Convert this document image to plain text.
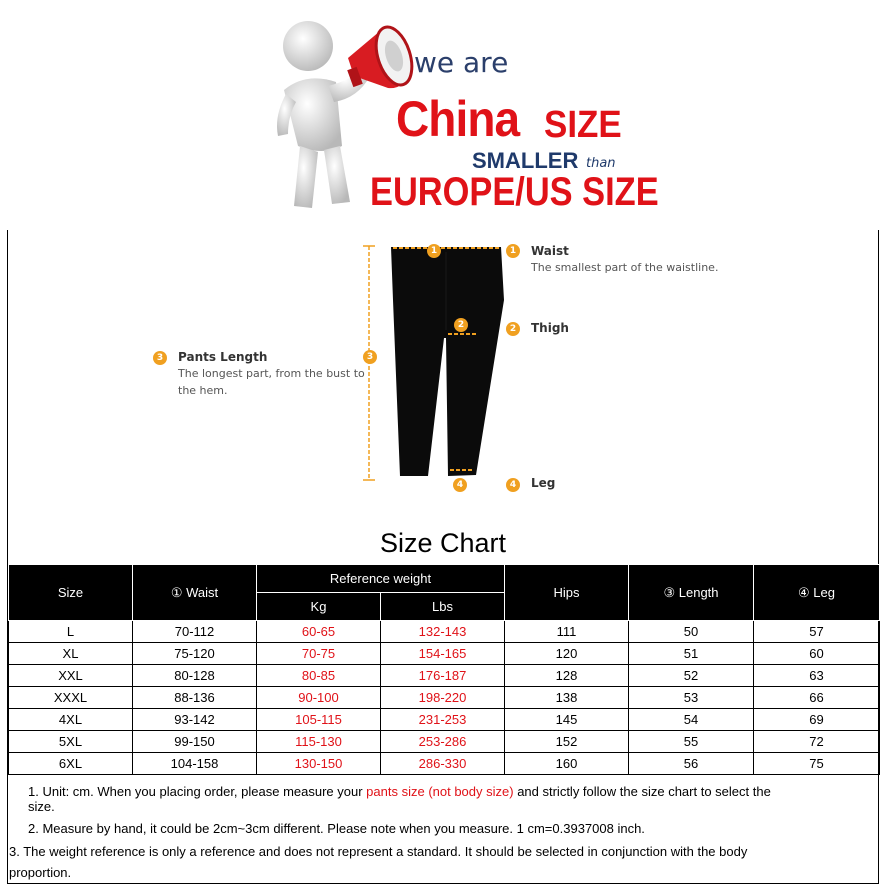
we are
China SIZE
SMALLER than
EUROPE/US SIZE
1
2
3
4
1	Waist
The smallest part of the waistline.
2	Thigh
3	Pants Length
The longest part, from the bust to
the hem.
4	Leg
Size Chart
Size	① Waist	Reference weight		Hips	③ Length	④ Leg
		Kg	Lbs			
L	70-112	60-65	132-143	111	50	57
XL	75-120	70-75	154-165	120	51	60
XXL	80-128	80-85	176-187	128	52	63
XXXL	88-136	90-100	198-220	138	53	66
4XL	93-142	105-115	231-253	145	54	69
5XL	99-150	115-130	253-286	152	55	72
6XL	104-158	130-150	286-330	160	56	75
1. Unit: cm. When you placing order, please measure your pants size (not body size) and strictly follow the size chart to select the
size.
2. Measure by hand, it could be 2cm~3cm different. Please note when you measure. 1 cm=0.3937008 inch.
3. The weight reference is only a reference and does not represent a standard. It should be selected in conjunction with the body
proportion.
